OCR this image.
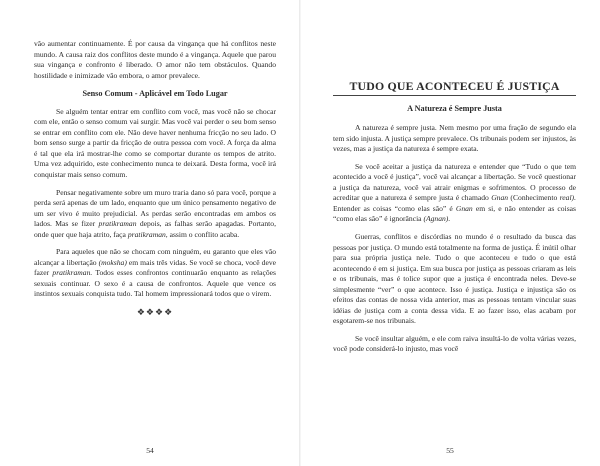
vão aumentar continuamente. É por causa da vingança que há conflitos neste mundo. A causa raiz dos conflitos deste mundo é a vingança. Aquele que parou sua vingança e confronto é liberado. O amor não tem obstáculos. Quando hostilidade e inimizade vão embora, o amor prevalece.

Senso Comum - Aplicável em Todo Lugar

Se alguém tentar entrar em conflito com você, mas você não se chocar com ele, então o senso comum vai surgir. Mas você vai perder o seu bom senso se entrar em conflito com ele. Não deve haver nenhuma fricção no seu lado. O bom senso surge a partir da fricção de outra pessoa com você. A força da alma é tal que ela irá mostrar-lhe como se comportar durante os tempos de atrito. Uma vez adquirido, este conhecimento nunca te deixará. Desta forma, você irá conquistar mais senso comum.

Pensar negativamente sobre um muro traria dano só para você, porque a perda será apenas de um lado, enquanto que um único pensamento negativo de um ser vivo é muito prejudicial. As perdas serão encontradas em ambos os lados. Mas se fizer pratikraman depois, as falhas serão apagadas. Portanto, onde quer que haja atrito, faça pratikraman, assim o conflito acaba.

Para aqueles que não se chocam com ninguém, eu garanto que eles vão alcançar a libertação (moksha) em mais três vidas. Se você se choca, você deve fazer pratikraman. Todos esses confrontos continuarão enquanto as relações sexuais continuar. O sexo é a causa de confrontos. Aquele que vence os instintos sexuais conquista tudo. Tal homem impressionará todos que o virem.

❖❖❖❖
54
TUDO QUE ACONTECEU É JUSTIÇA
A Natureza é Sempre Justa

A natureza é sempre justa. Nem mesmo por uma fração de segundo ela tem sido injusta. A justiça sempre prevalece. Os tribunais podem ser injustos, às vezes, mas a justiça da natureza é sempre exata.

Se você aceitar a justiça da natureza e entender que “Tudo o que tem acontecido a você é justiça”, você vai alcançar a libertação. Se você questionar a justiça da natureza, você vai atrair enigmas e sofrimentos. O processo de acreditar que a natureza é sempre justa é chamado Gnan (Conhecimento real). Entender as coisas “como elas são” é Gnan em si, e não entender as coisas “como elas são” é ignorância (Agnan).

Guerras, conflitos e discórdias no mundo é o resultado da busca das pessoas por justiça. O mundo está totalmente na forma de justiça. É inútil olhar para sua própria justiça nele. Tudo o que aconteceu e tudo o que está acontecendo é em si justiça. Em sua busca por justiça as pessoas criaram as leis e os tribunais, mas é tolice supor que a justiça é encontrada neles. Deve-se simplesmente “ver” o que acontece. Isso é justiça. Justiça e injustiça são os efeitos das contas de nossa vida anterior, mas as pessoas tentam vincular suas idéias de justiça com a conta dessa vida. E ao fazer isso, elas acabam por esgotarem-se nos tribunais.

Se você insultar alguém, e ele com raiva insultá-lo de volta várias vezes, você pode considerá-lo injusto, mas você

55
